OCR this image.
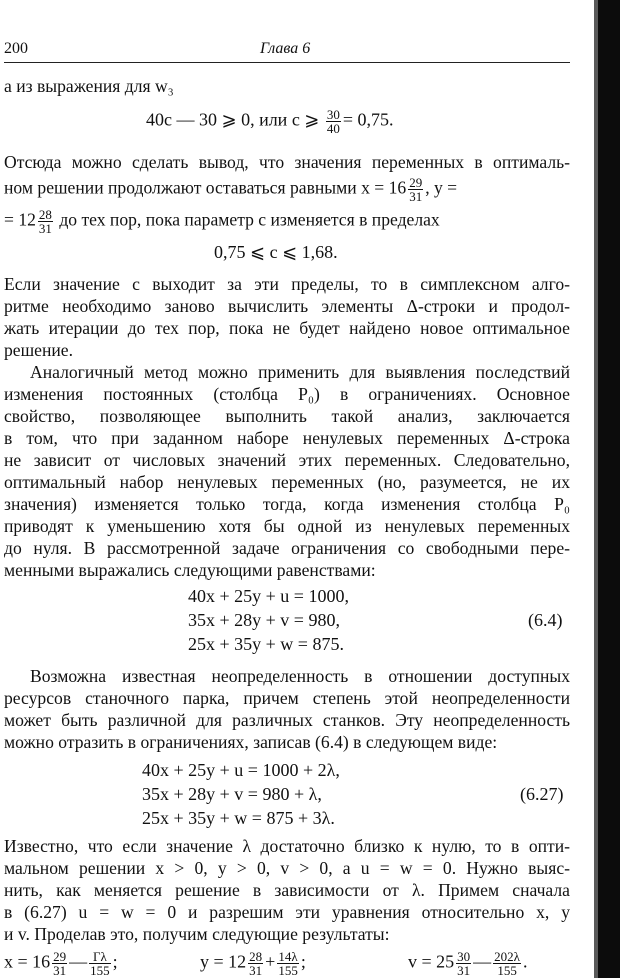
200	Глава 6
а из выражения для w₃
40c — 30 ⩾ 0, или c ⩾ $\frac{30}{40} = 0,75$.
Отсюда можно сделать вывод, что значения переменных в оптималь-
ном решении продолжают оставаться равными $x = 16 \frac{29}{31}$ , y =
= $12 \frac{28}{31}$ до тех пор, пока параметр c изменяется в пределах
0,75 ⩽ c ⩽ 1,68.
Если значение c выходит за эти пределы, то в симплексном алго-
ритме необходимо заново вычислить элементы Δ-строки и продол-
жать итерации до тех пор, пока не будет найдено новое оптимальное
решение.
Аналогичный метод можно применить для выявления последствий
изменения постоянных (столбца P₀) в ограничениях. Основное
свойство, позволяющее выполнить такой анализ, заключается
в том, что при заданном наборе ненулевых переменных Δ-строка
не зависит от числовых значений этих переменных. Следовательно,
оптимальный набор ненулевых переменных (но, разумеется, не их
значения) изменяется только тогда, когда изменения столбца P₀
приводят к уменьшению хотя бы одной из ненулевых переменных
до нуля. В рассмотренной задаче ограничения со свободными пере-
менными выражались следующими равенствами:
40x + 25y + u = 1000,
35x + 28y + v = 980,
25x + 35y + w = 875.
(6.4)
Возможна известная неопределенность в отношении доступных
ресурсов станочного парка, причем степень этой неопределенности
может быть различной для различных станков. Эту неопределенность
можно отразить в ограничениях, записав (6.4) в следующем виде:
40x + 25y + u = 1000 + 2λ,
35x + 28y + v = 980 + λ,
25x + 35y + w = 875 + 3λ.
(6.27)
Известно, что если значение λ достаточно близко к нулю, то в опти-
мальном решении x > 0, y > 0, v > 0, а u = w = 0. Нужно выяс-
нить, как меняется решение в зависимости от λ. Примем сначала
в (6.27) u = w = 0 и разрешим эти уравнения относительно x, y
и v. Проделав это, получим следующие результаты:
$x = 16 \frac{29}{31}$ — $\frac{\Gamma\lambda}{155}$ ;	$y = 12 \frac{28}{31} + \frac{14\lambda}{155}$ ;	$v = 25 \frac{30}{31}$ — $\frac{202\lambda}{155}$ .
